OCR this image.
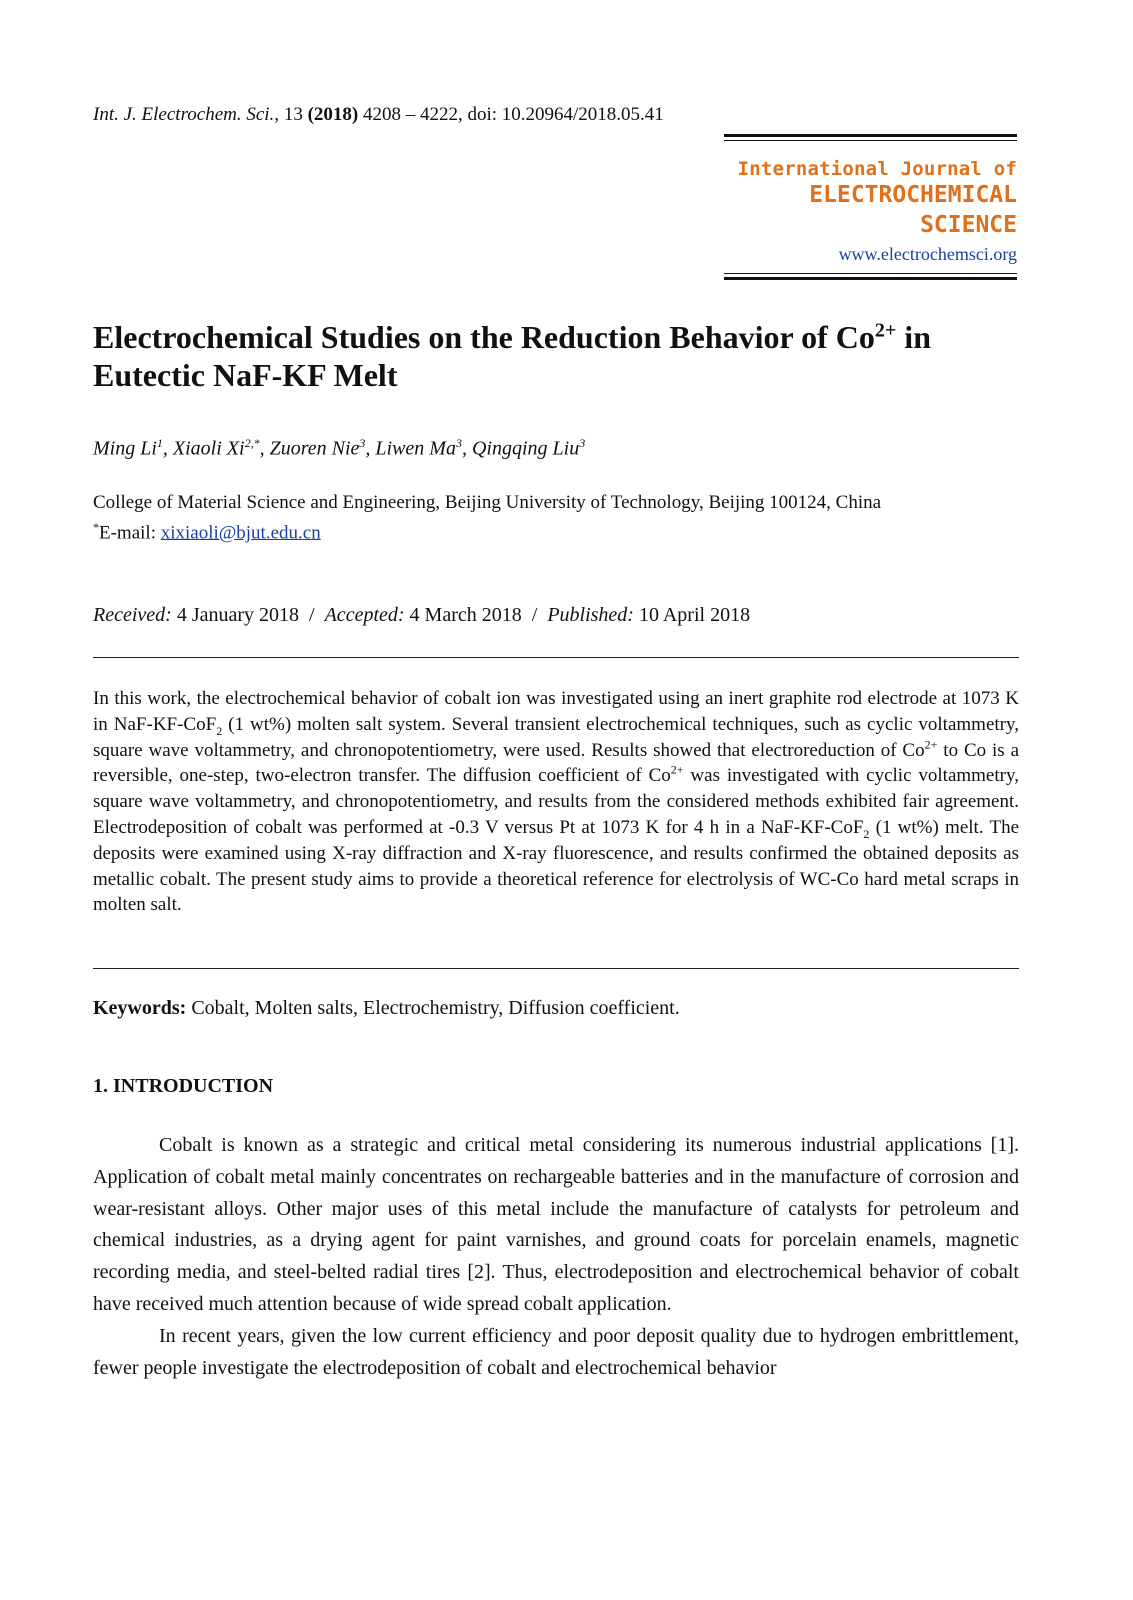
Int. J. Electrochem. Sci., 13 (2018) 4208 – 4222, doi: 10.20964/2018.05.41
International Journal of
ELECTROCHEMICAL
SCIENCE
www.electrochemsci.org
Electrochemical Studies on the Reduction Behavior of $Co^{2+}$ in Eutectic NaF-KF Melt
Ming Li$^1$, Xiaoli $Xi^{2,*}$, Zuoren Nie$^3$, Liwen Ma$^3$, Qingqing Liu$^3$
College of Material Science and Engineering, Beijing University of Technology, Beijing 100124, China
*E-mail: xixiaoli@bjut.edu.cn
Received: 4 January 2018 / Accepted: 4 March 2018 / Published: 10 April 2018
In this work, the electrochemical behavior of cobalt ion was investigated using an inert graphite rod electrode at 1073 K in NaF-KF-CoF$_2$ (1 wt%) molten salt system. Several transient electrochemical techniques, such as cyclic voltammetry, square wave voltammetry, and chronopotentiometry, were used. Results showed that electroreduction of $Co^{2+}$ to Co is a reversible, one-step, two-electron transfer. The diffusion coefficient of $Co^{2+}$ was investigated with cyclic voltammetry, square wave voltammetry, and chronopotentiometry, and results from the considered methods exhibited fair agreement. Electrodeposition of cobalt was performed at -0.3 V versus Pt at 1073 K for 4 h in a NaF-KF-CoF$_2$ (1 wt%) melt. The deposits were examined using X-ray diffraction and X-ray fluorescence, and results confirmed the obtained deposits as metallic cobalt. The present study aims to provide a theoretical reference for electrolysis of WC-Co hard metal scraps in molten salt.
Keywords: Cobalt, Molten salts, Electrochemistry, Diffusion coefficient.
1. INTRODUCTION

Cobalt is known as a strategic and critical metal considering its numerous industrial applications [1]. Application of cobalt metal mainly concentrates on rechargeable batteries and in the manufacture of corrosion and wear-resistant alloys. Other major uses of this metal include the manufacture of catalysts for petroleum and chemical industries, as a drying agent for paint varnishes, and ground coats for porcelain enamels, magnetic recording media, and steel-belted radial tires [2]. Thus, electrodeposition and electrochemical behavior of cobalt have received much attention because of wide spread cobalt application.

In recent years, given the low current efficiency and poor deposit quality due to hydrogen embrittlement, fewer people investigate the electrodeposition of cobalt and electrochemical behavior
